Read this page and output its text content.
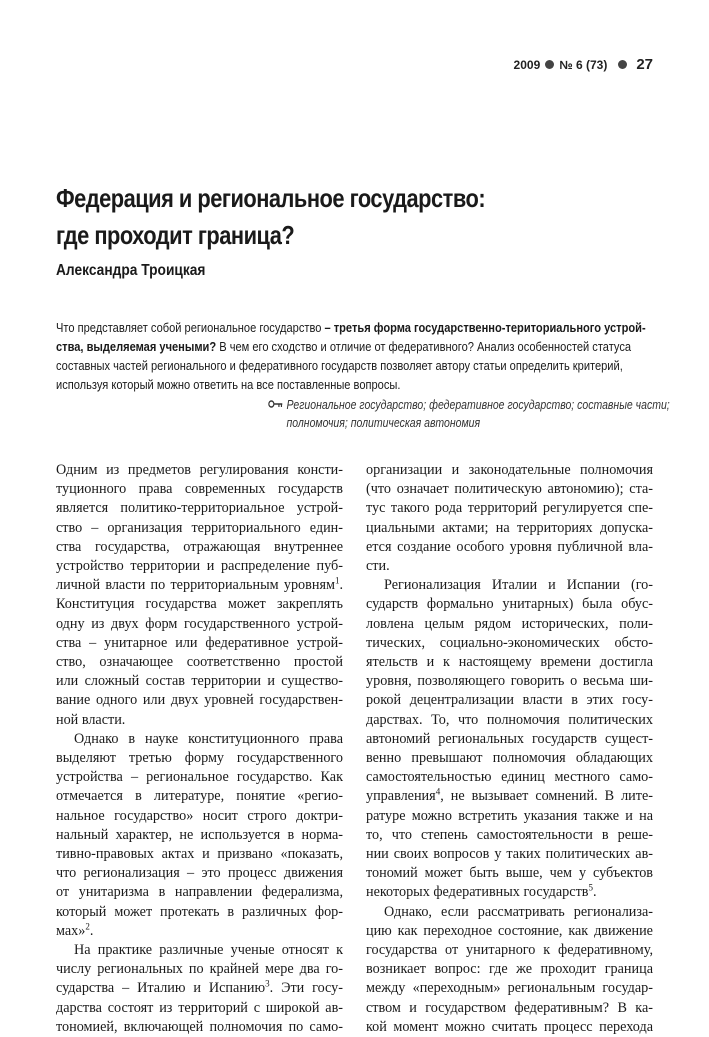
2009 № 6 (73) 27
Федерация и региональное государство:
где проходит граница?

Александра Троицкая

Что представляет собой региональное государство – третья форма государственно-териториального устрой-
ства, выделяемая учеными? В чем его сходство и отличие от федеративного? Анализ особенностей статуса
составных частей регионального и федеративного государств позволяет автору статьи определить критерий,
используя который можно ответить на все поставленные вопросы.

Региональное государство; федеративное государство; составные части;
полномочия; политическая автономия
Одним из предметов регулирования консти-
туционного права современных государств
является политико-территориальное устрой-
ство – организация территориального един-
ства государства, отражающая внутреннее
устройство территории и распределение пуб-
личной власти по территориальным уровням$^1$.
Конституция государства может закреплять
одну из двух форм государственного устрой-
ства – унитарное или федеративное устрой-
ство, означающее соответственно простой
или сложный состав территории и существо-
вание одного или двух уровней государствен-
ной власти.
Однако в науке конституционного права
выделяют третью форму государственного
устройства – региональное государство. Как
отмечается в литературе, понятие «регио-
нальное государство» носит строго доктри-
нальный характер, не используется в норма-
тивно-правовых актах и призвано «показать,
что регионализация – это процесс движения
от унитаризма в направлении федерализма,
который может протекать в различных фор-
мах»$^2$.
На практике различные ученые относят к
числу региональных по крайней мере два го-
сударства – Италию и Испанию$^3$. Эти госу-
дарства состоят из территорий с широкой ав-
тономией, включающей полномочия по само-
организации и законодательные полномочия
(что означает политическую автономию); ста-
тус такого рода территорий регулируется спе-
циальными актами; на территориях допуска-
ется создание особого уровня публичной вла-
сти.
Регионализация Италии и Испании (го-
сударств формально унитарных) была обус-
ловлена целым рядом исторических, поли-
тических, социально-экономических обсто-
ятельств и к настоящему времени достигла
уровня, позволяющего говорить о весьма ши-
рокой децентрализации власти в этих госу-
дарствах. То, что полномочия политических
автономий региональных государств сущест-
венно превышают полномочия обладающих
самостоятельностью единиц местного само-
управления$^4$, не вызывает сомнений. В лите-
ратуре можно встретить указания также и на
то, что степень самостоятельности в реше-
нии своих вопросов у таких политических ав-
тономий может быть выше, чем у субъектов
некоторых федеративных государств$^5$.
Однако, если рассматривать регионализа-
цию как переходное состояние, как движение
государства от унитарного к федеративному,
возникает вопрос: где же проходит граница
между «переходным» региональным государ-
ством и государством федеративным? В ка-
кой момент можно считать процесс перехода
